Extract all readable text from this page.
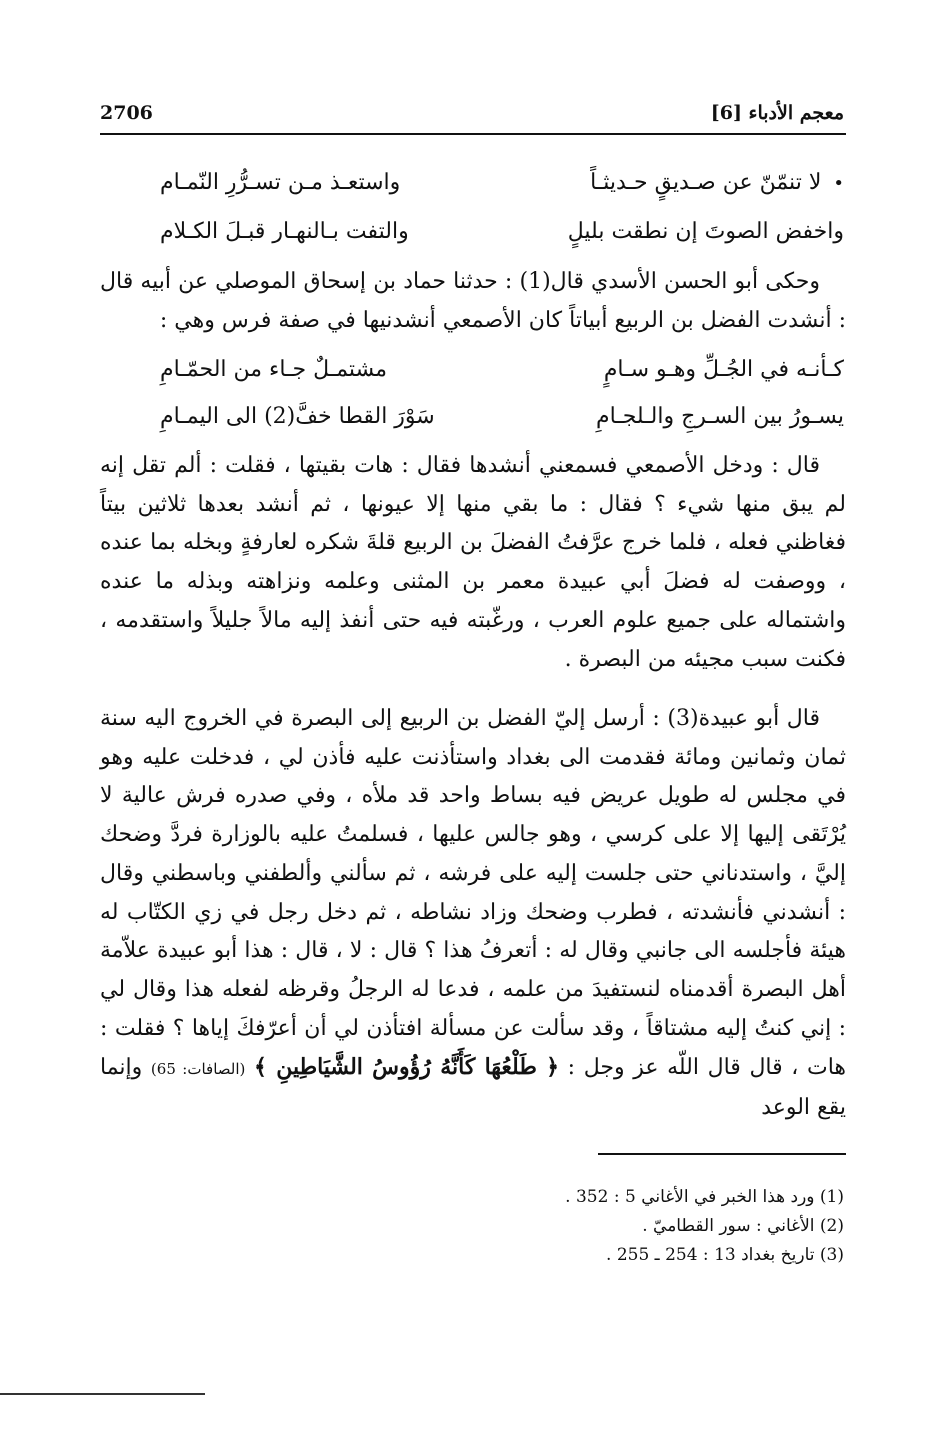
معجم الأدباء [6]
2706
•لا تنمّنّ عن صـديقٍ حـديثـاً
واستعـذ مـن تسـرُّرِ النّمـام
واخفض الصوتَ إن نطقت بليلٍ
والتفت بـالنهـار قبـلَ الكـلام
وحكى أبو الحسن الأسدي قال(1) : حدثنا حماد بن إسحاق الموصلي عن أبيه قال : أنشدت الفضل بن الربيع أبياتاً كان الأصمعي أنشدنيها في صفة فرس وهي :
كـأنـه في الجُـلِّ وهـو سـامٍ
مشتمـلٌ جـاء من الحمّـامِ
يسـورُ بين السـرجِ والـلجـامِ
سَوْرَ القطا خفَّ(2) الى اليمـامِ
قال : ودخل الأصمعي فسمعني أنشدها فقال : هات بقيتها ، فقلت : ألم تقل إنه لم يبق منها شيء ؟ فقال : ما بقي منها إلا عيونها ، ثم أنشد بعدها ثلاثين بيتاً فغاظني فعله ، فلما خرج عرَّفتُ الفضلَ بن الربيع قلةَ شكره لعارفةٍ وبخله بما عنده ، ووصفت له فضلَ أبي عبيدة معمر بن المثنى وعلمه ونزاهته وبذله ما عنده واشتماله على جميع علوم العرب ، ورغّبته فيه حتى أنفذ إليه مالاً جليلاً واستقدمه ، فكنت سبب مجيئه من البصرة .
قال أبو عبيدة(3) : أرسل إليّ الفضل بن الربيع إلى البصرة في الخروج اليه سنة ثمان وثمانين ومائة فقدمت الى بغداد واستأذنت عليه فأذن لي ، فدخلت عليه وهو في مجلس له طويل عريض فيه بساط واحد قد ملأه ، وفي صدره فرش عالية لا يُرْتَقى إليها إلا على كرسي ، وهو جالس عليها ، فسلمتُ عليه بالوزارة فردَّ وضحك إليَّ ، واستدناني حتى جلست إليه على فرشه ، ثم سألني وألطفني وباسطني وقال : أنشدني فأنشدته ، فطرب وضحك وزاد نشاطه ، ثم دخل رجل في زي الكتّاب له هيئة فأجلسه الى جانبي وقال له : أتعرفُ هذا ؟ قال : لا ، قال : هذا أبو عبيدة علاّمة أهل البصرة أقدمناه لنستفيدَ من علمه ، فدعا له الرجلُ وقرظه لفعله هذا وقال لي : إني كنتُ إليه مشتاقاً ، وقد سألت عن مسألة افتأذن لي أن أعرّفكَ إياها ؟ فقلت : هات ، قال قال اللّه عز وجل : ﴿ طَلْعُهَا كَأَنَّهُ رُؤُوسُ الشَّيَاطِينِ ﴾ (الصافات: 65) وإنما يقع الوعد
(1) ورد هذا الخبر في الأغاني 5 : 352 .
(2) الأغاني : سور القطاميّ .
(3) تاريخ بغداد 13 : 254 ـ 255 .
